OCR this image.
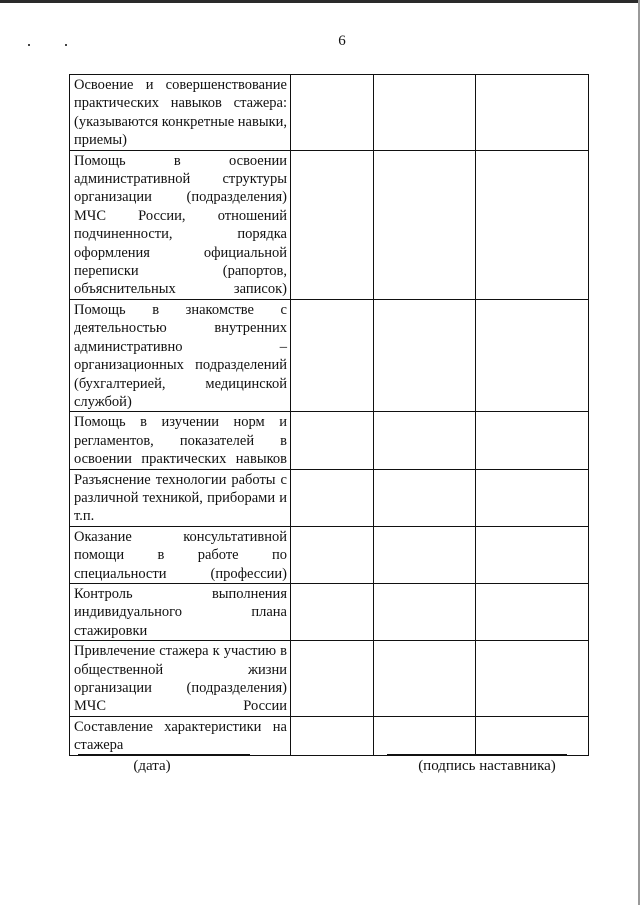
6
Освоение и совершенствование практических навыков стажера: (указываются конкретные навыки, приемы)			

Помощь в освоении административной структуры организации (подразделения) МЧС России, отношений подчиненности, порядка оформления официальной переписки (рапортов, объяснительных записок)			

Помощь в знакомстве с деятельностью внутренних административно – организационных подразделений (бухгалтерией, медицинской службой)			

Помощь в изучении норм и регламентов, показателей в освоении практических навыков			

Разъяснение технологии работы с различной техникой, приборами и т.п.			

Оказание консультативной помощи в работе по специальности (профессии)			

Контроль выполнения индивидуального плана стажировки			

Привлечение стажера к участию в общественной жизни организации (подразделения) МЧС России			

Составление характеристики на стажера			

(дата)	(подпись наставника)
